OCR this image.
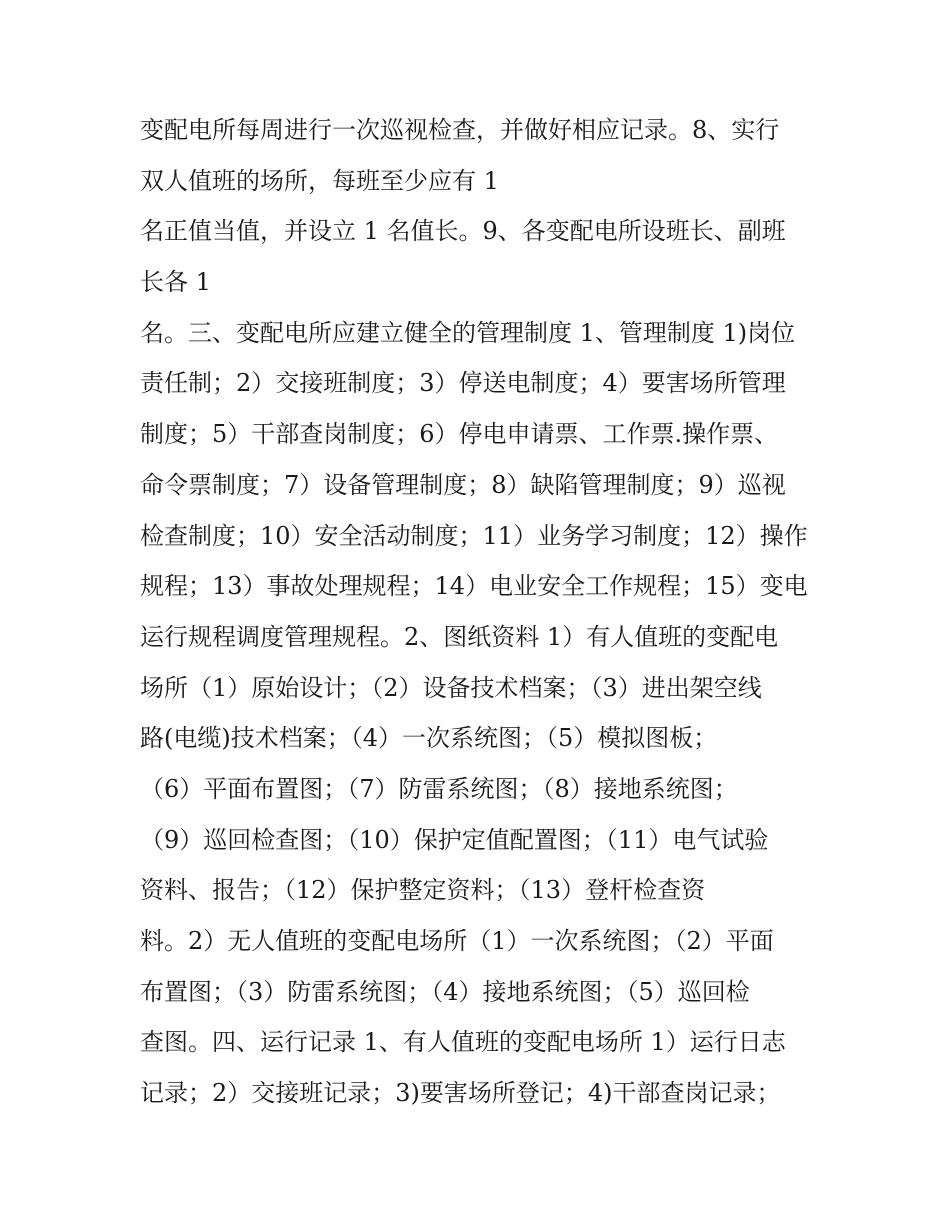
变配电所每周进行一次巡视检查，并做好相应记录。8、实行
双人值班的场所，每班至少应有 1
名正值当值，并设立 1 名值长。9、各变配电所设班长、副班
长各 1
名。三、变配电所应建立健全的管理制度 1、管理制度 1)岗位
责任制；2）交接班制度；3）停送电制度；4）要害场所管理
制度；5）干部查岗制度；6）停电申请票、工作票.操作票、
命令票制度；7）设备管理制度；8）缺陷管理制度；9）巡视
检查制度；10）安全活动制度；11）业务学习制度；12）操作
规程；13）事故处理规程；14）电业安全工作规程；15）变电
运行规程调度管理规程。2、图纸资料 1）有人值班的变配电
场所（1）原始设计；（2）设备技术档案；（3）进出架空线
路(电缆)技术档案；（4）一次系统图；（5）模拟图板；
（6）平面布置图；（7）防雷系统图；（8）接地系统图；
（9）巡回检查图；（10）保护定值配置图；（11）电气试验
资料、报告；（12）保护整定资料；（13）登杆检查资
料。2）无人值班的变配电场所（1）一次系统图；（2）平面
布置图；（3）防雷系统图；（4）接地系统图；（5）巡回检
查图。四、运行记录 1、有人值班的变配电场所 1）运行日志
记录；2）交接班记录；3)要害场所登记；4)干部查岗记录；
